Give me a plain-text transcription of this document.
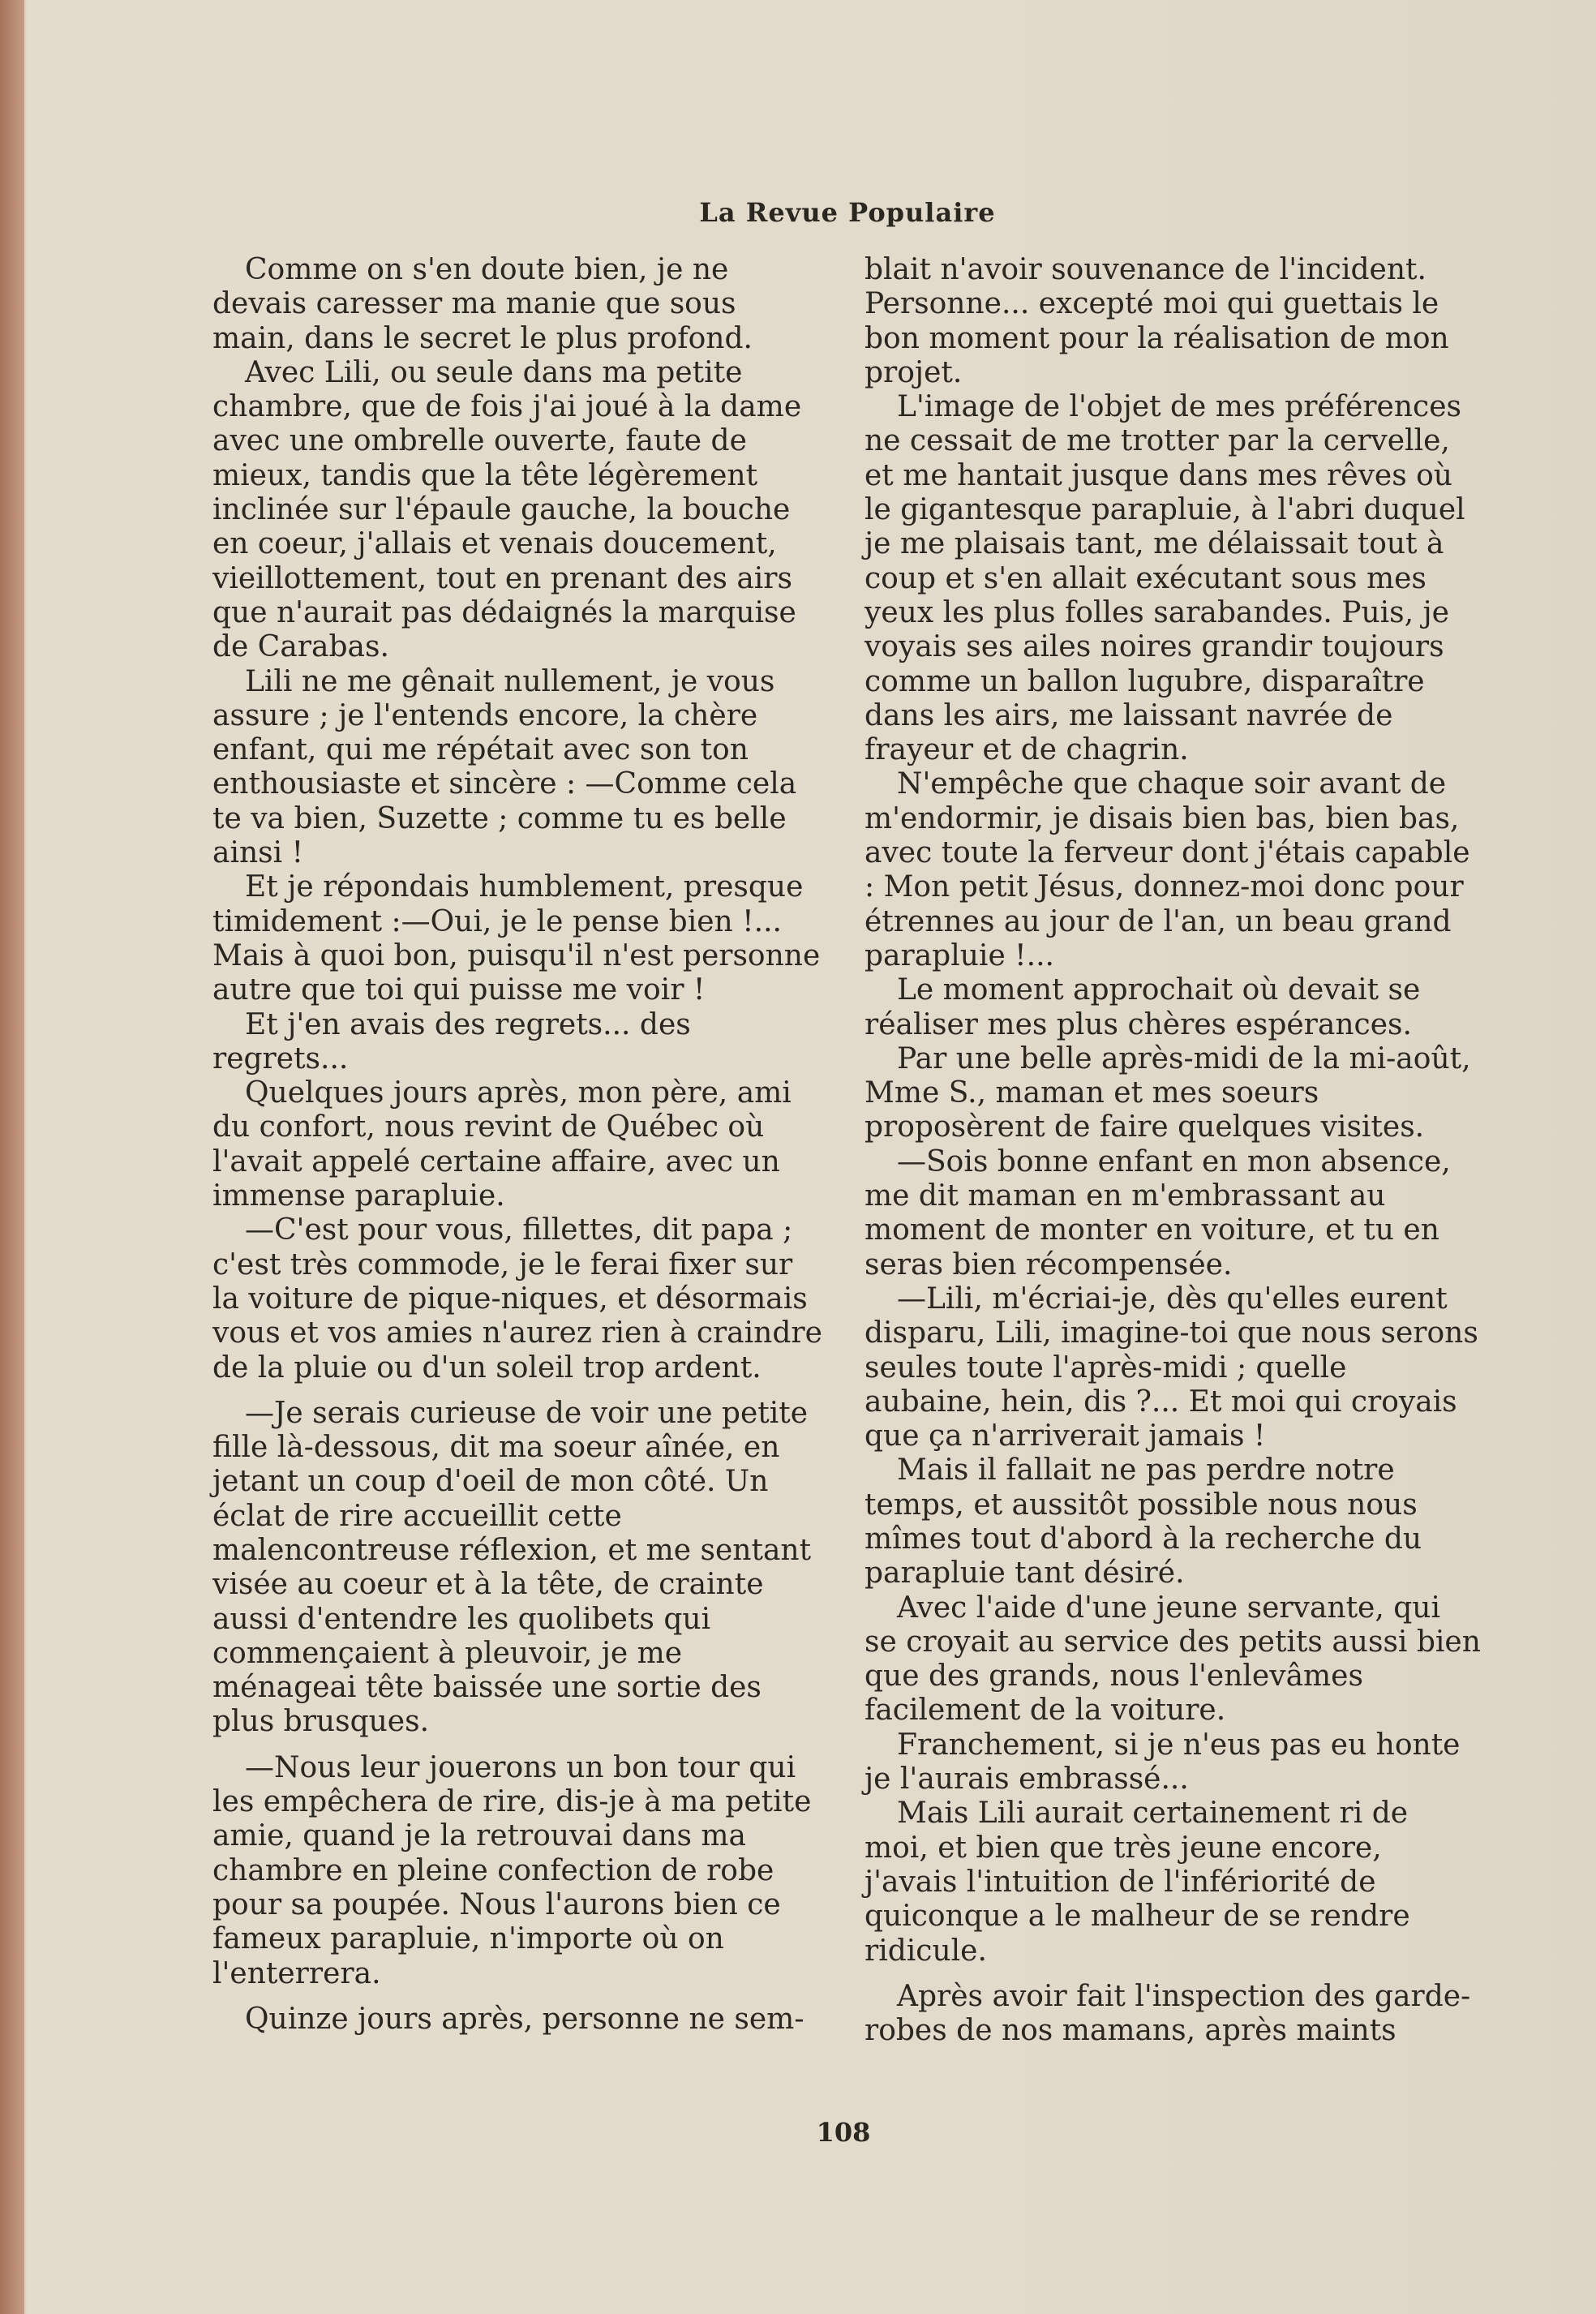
La Revue Populaire

Comme on s'en doute bien, je ne devais caresser ma manie que sous main, dans le secret le plus profond.

Avec Lili, ou seule dans ma petite chambre, que de fois j'ai joué à la dame avec une ombrelle ouverte, faute de mieux, tandis que la tête légèrement inclinée sur l'épaule gauche, la bouche en coeur, j'allais et venais doucement, vieillottement, tout en prenant des airs que n'aurait pas dédaignés la marquise de Carabas.

Lili ne me gênait nullement, je vous assure ; je l'entends encore, la chère enfant, qui me répétait avec son ton enthousiaste et sincère : —Comme cela te va bien, Suzette ; comme tu es belle ainsi !

Et je répondais humblement, presque timidement :—Oui, je le pense bien !... Mais à quoi bon, puisqu'il n'est personne autre que toi qui puisse me voir !

Et j'en avais des regrets... des regrets...

Quelques jours après, mon père, ami du confort, nous revint de Québec où l'avait appelé certaine affaire, avec un immense parapluie.

—C'est pour vous, fillettes, dit papa ; c'est très commode, je le ferai fixer sur la voiture de pique-niques, et désormais vous et vos amies n'aurez rien à craindre de la pluie ou d'un soleil trop ardent.

—Je serais curieuse de voir une petite fille là-dessous, dit ma soeur aînée, en jetant un coup d'oeil de mon côté. Un éclat de rire accueillit cette malencontreuse réflexion, et me sentant visée au coeur et à la tête, de crainte aussi d'entendre les quolibets qui commençaient à pleuvoir, je me ménageai tête baissée une sortie des plus brusques.

—Nous leur jouerons un bon tour qui les empêchera de rire, dis-je à ma petite amie, quand je la retrouvai dans ma chambre en pleine confection de robe pour sa poupée. Nous l'aurons bien ce fameux parapluie, n'importe où on l'enterrera.

Quinze jours après, personne ne sem-

blait n'avoir souvenance de l'incident. Personne... excepté moi qui guettais le bon moment pour la réalisation de mon projet.

L'image de l'objet de mes préférences ne cessait de me trotter par la cervelle, et me hantait jusque dans mes rêves où le gigantesque parapluie, à l'abri duquel je me plaisais tant, me délaissait tout à coup et s'en allait exécutant sous mes yeux les plus folles sarabandes. Puis, je voyais ses ailes noires grandir toujours comme un ballon lugubre, disparaître dans les airs, me laissant navrée de frayeur et de chagrin.

N'empêche que chaque soir avant de m'endormir, je disais bien bas, bien bas, avec toute la ferveur dont j'étais capable : Mon petit Jésus, donnez-moi donc pour étrennes au jour de l'an, un beau grand parapluie !...

Le moment approchait où devait se réaliser mes plus chères espérances.

Par une belle après-midi de la mi-août, Mme S., maman et mes soeurs proposèrent de faire quelques visites.

—Sois bonne enfant en mon absence, me dit maman en m'embrassant au moment de monter en voiture, et tu en seras bien récompensée.

—Lili, m'écriai-je, dès qu'elles eurent disparu, Lili, imagine-toi que nous serons seules toute l'après-midi ; quelle aubaine, hein, dis ?... Et moi qui croyais que ça n'arriverait jamais !

Mais il fallait ne pas perdre notre temps, et aussitôt possible nous nous mîmes tout d'abord à la recherche du parapluie tant désiré.

Avec l'aide d'une jeune servante, qui se croyait au service des petits aussi bien que des grands, nous l'enlevâmes facilement de la voiture.

Franchement, si je n'eus pas eu honte je l'aurais embrassé...

Mais Lili aurait certainement ri de moi, et bien que très jeune encore, j'avais l'intuition de l'infériorité de quiconque a le malheur de se rendre ridicule.

Après avoir fait l'inspection des garde-robes de nos mamans, après maints

108
